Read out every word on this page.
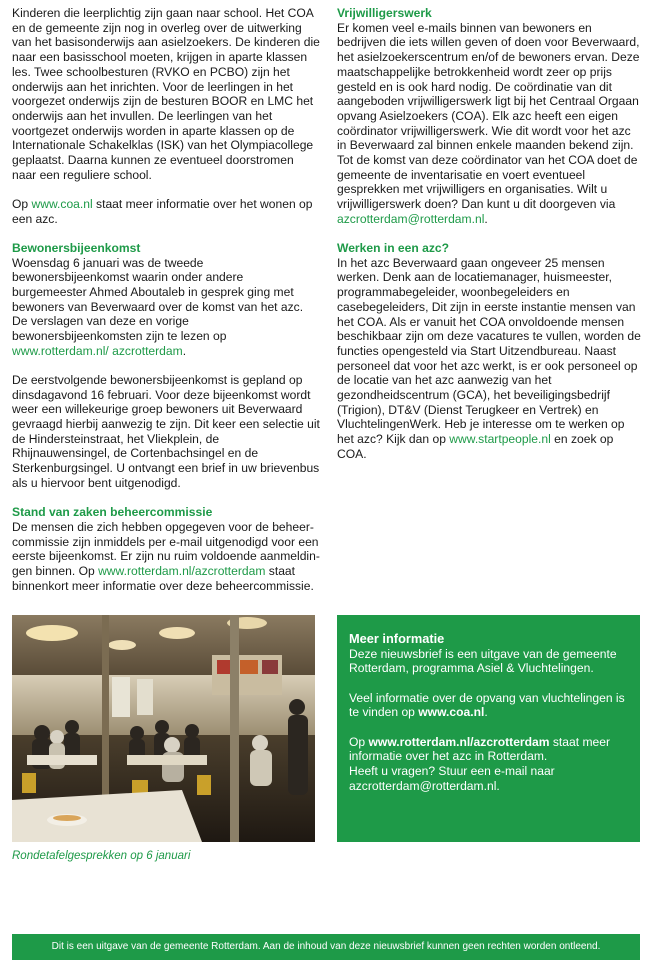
Kinderen die leerplichtig zijn gaan naar school. Het COA en de gemeente zijn nog in overleg over de uitwerking van het basisonderwijs aan asielzoekers. De kinderen die naar een basisschool moeten, krijgen in aparte klassen les. Twee schoolbesturen (RVKO en PCBO) zijn het onderwijs aan het inrichten. Voor de leerlingen in het voorgezet onderwijs zijn de besturen BOOR en LMC het onderwijs aan het invullen. De leerlingen van het voortgezet onderwijs worden in aparte klassen op de Internationale Schakelklas (ISK) van het Olympiacollege geplaatst. Daarna kunnen ze eventueel doorstromen naar een reguliere school.

Op www.coa.nl staat meer informatie over het wonen op een azc.

Bewonersbijeenkomst

Woensdag 6 januari was de tweede bewonersbijeenkomst waarin onder andere burgemeester Ahmed Aboutaleb in gesprek ging met bewoners van Beverwaard over de komst van het azc. De verslagen van deze en vorige bewonersbijeenkomsten zijn te lezen op www.rotterdam.nl/ azcrotterdam.

De eerstvolgende bewonersbijeenkomst is gepland op dinsdagavond 16 februari. Voor deze bijeenkomst wordt weer een willekeurige groep bewoners uit Beverwaard gevraagd hierbij aanwezig te zijn. Dit keer een selectie uit de Hindersteinstraat, het Vliekplein, de Rhijnauwensingel, de Cortenbachsingel en de Sterkenburgsingel. U ontvangt een brief in uw brievenbus als u hiervoor bent uitgenodigd.

Stand van zaken beheercommissie

De mensen die zich hebben opgegeven voor de beheer-commissie zijn inmiddels per e-mail uitgenodigd voor een eerste bijeenkomst. Er zijn nu ruim voldoende aanmeldin-gen binnen. Op www.rotterdam.nl/azcrotterdam staat binnenkort meer informatie over deze beheercommissie.

Vrijwilligerswerk

Er komen veel e-mails binnen van bewoners en bedrijven die iets willen geven of doen voor Beverwaard, het asielzoekerscentrum en/of de bewoners ervan. Deze maatschappelijke betrokkenheid wordt zeer op prijs gesteld en is ook hard nodig. De coördinatie van dit aangeboden vrijwilligerswerk ligt bij het Centraal Orgaan opvang Asielzoekers (COA). Elk azc heeft een eigen coördinator vrijwilligerswerk. Wie dit wordt voor het azc in Beverwaard zal binnen enkele maanden bekend zijn. Tot de komst van deze coördinator van het COA doet de gemeente de inventarisatie en voert eventueel gesprekken met vrijwilligers en organisaties. Wilt u vrijwilligerswerk doen? Dan kunt u dit doorgeven via azcrotterdam@rotterdam.nl.

Werken in een azc?

In het azc Beverwaard gaan ongeveer 25 mensen werken. Denk aan de locatiemanager, huismeester, programmabegeleider, woonbegeleiders en casebegeleiders, Dit zijn in eerste instantie mensen van het COA. Als er vanuit het COA onvoldoende mensen beschikbaar zijn om deze vacatures te vullen, worden de functies opengesteld via Start Uitzendbureau. Naast personeel dat voor het azc werkt, is er ook personeel op de locatie van het azc aanwezig van het gezondheidscentrum (GCA), het beveiligingsbedrijf (Trigion), DT&V (Dienst Terugkeer en Vertrek) en VluchtelingenWerk. Heb je interesse om te werken op het azc? Kijk dan op www.startpeople.nl en zoek op COA.

Rondetafelgesprekken op 6 januari
Meer informatie

Deze nieuwsbrief is een uitgave van de gemeente Rotterdam, programma Asiel & Vluchtelingen.

Veel informatie over de opvang van vluchtelingen is te vinden op www.coa.nl.

Op www.rotterdam.nl/azcrotterdam staat meer informatie over het azc in Rotterdam.
Heeft u vragen? Stuur een e-mail naar azcrotterdam@rotterdam.nl.

Dit is een uitgave van de gemeente Rotterdam. Aan de inhoud van deze nieuwsbrief kunnen geen rechten worden ontleend.
